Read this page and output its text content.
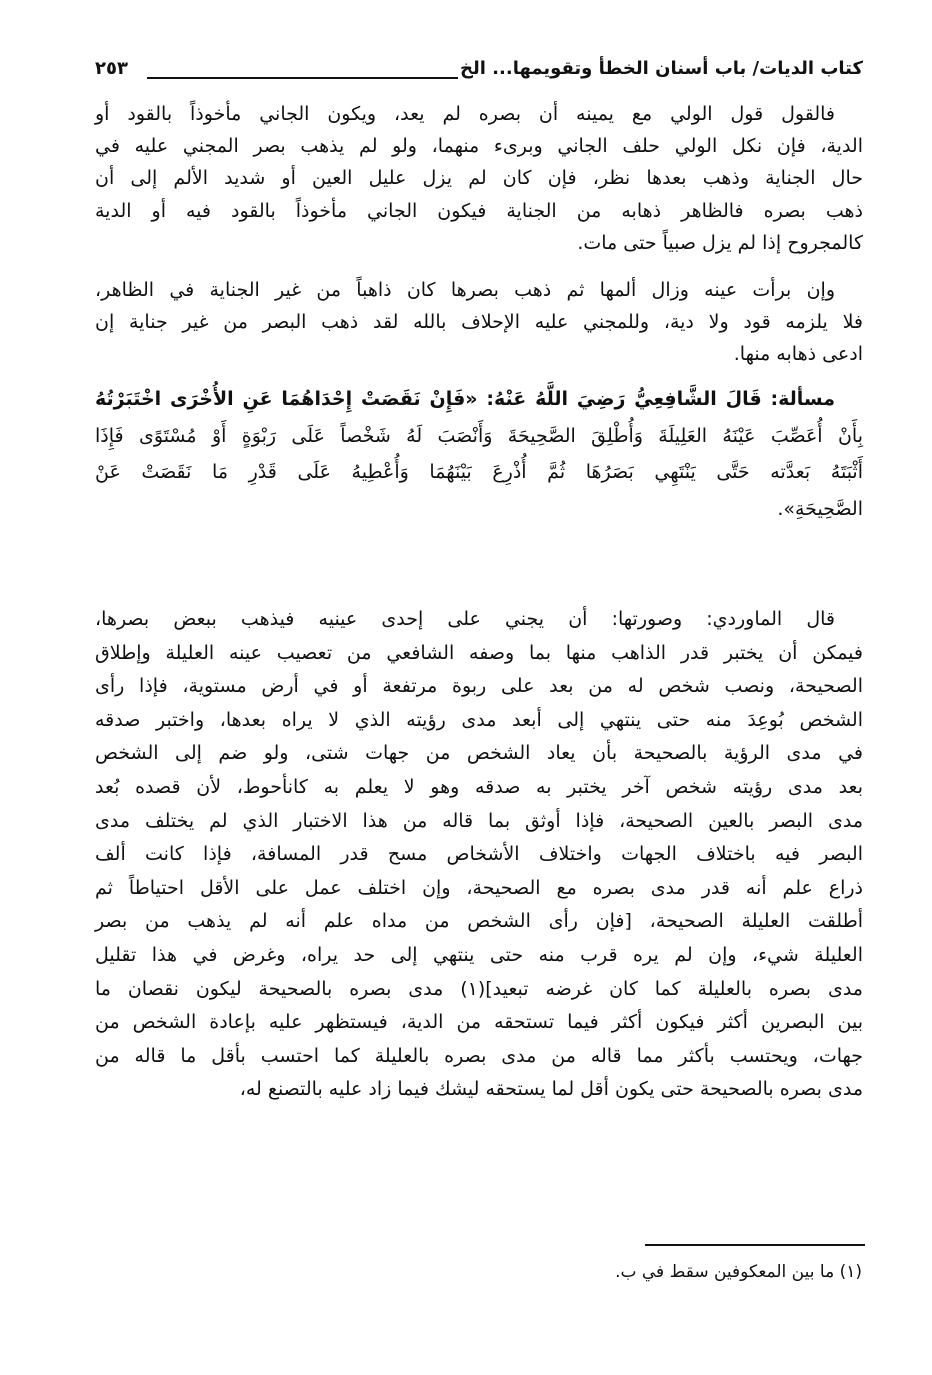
كتاب الديات/ باب أسنان الخطأ وتقويمها... الخ
٢٥٣
فالقول قول الولي مع يمينه أن بصره لم يعد، ويكون الجاني مأخوذاً بالقود أو
الدية، فإن نكل الولي حلف الجاني وبرىء منهما، ولو لم يذهب بصر المجني عليه في
حال الجناية وذهب بعدها نظر، فإن كان لم يزل عليل العين أو شديد الألم إلى أن
ذهب بصره فالظاهر ذهابه من الجناية فيكون الجاني مأخوذاً بالقود فيه أو الدية
كالمجروح إذا لم يزل صبياً حتى مات.
وإن برأت عينه وزال ألمها ثم ذهب بصرها كان ذاهباً من غير الجناية في الظاهر،
فلا يلزمه قود ولا دية، وللمجني عليه الإحلاف بالله لقد ذهب البصر من غير جناية إن
ادعى ذهابه منها.
مسألة: قَالَ الشَّافِعِيُّ رَضِيَ اللَّهُ عَنْهُ: «فَإِنْ نَقَصَتْ إِحْدَاهُمَا عَنِ الأُخْرَى اخْتَبَرْتُهُ
بِأَنْ أُعَصِّبَ عَيْنَهُ العَلِيلَةَ وَأُطْلِقَ الصَّحِيحَةَ وَأَنْصَبَ لَهُ شَخْصاً عَلَى رَبْوَةٍ أَوْ مُسْتَوًى فَإِذَا
أَثْبَتَهُ بَعدَّته حَتَّى يَنْتَهِي بَصَرُهَا ثُمَّ أُذْرِعَ بَيْنَهُمَا وَأُعْطِيهُ عَلَى قَدْرِ مَا نَقَصَتْ عَنْ
الصَّحِيحَةِ».
قال الماوردي: وصورتها: أن يجني على إحدى عينيه فيذهب ببعض بصرها،
فيمكن أن يختبر قدر الذاهب منها بما وصفه الشافعي من تعصيب عينه العليلة وإطلاق
الصحيحة، ونصب شخص له من بعد على ربوة مرتفعة أو في أرض مستوية، فإذا رأى
الشخص بُوعِدَ منه حتى ينتهي إلى أبعد مدى رؤيته الذي لا يراه بعدها، واختبر صدقه
في مدى الرؤية بالصحيحة بأن يعاد الشخص من جهات شتى، ولو ضم إلى الشخص
بعد مدى رؤيته شخص آخر يختبر به صدقه وهو لا يعلم به كانأحوط، لأن قصده بُعد
مدى البصر بالعين الصحيحة، فإذا أوثق بما قاله من هذا الاختبار الذي لم يختلف مدى
البصر فيه باختلاف الجهات واختلاف الأشخاص مسح قدر المسافة، فإذا كانت ألف
ذراع علم أنه قدر مدى بصره مع الصحيحة، وإن اختلف عمل على الأقل احتياطاً ثم
أطلقت العليلة الصحيحة، [فإن رأى الشخص من مداه علم أنه لم يذهب من بصر
العليلة شيء، وإن لم يره قرب منه حتى ينتهي إلى حد يراه، وغرض في هذا تقليل
مدى بصره بالعليلة كما كان غرضه تبعيد](١) مدى بصره بالصحيحة ليكون نقصان ما
بين البصرين أكثر فيكون أكثر فيما تستحقه من الدية، فيستظهر عليه بإعادة الشخص من
جهات، ويحتسب بأكثر مما قاله من مدى بصره بالعليلة كما احتسب بأقل ما قاله من
مدى بصره بالصحيحة حتى يكون أقل لما يستحقه ليشك فيما زاد عليه بالتصنع له،
(١) ما بين المعكوفين سقط في ب.
